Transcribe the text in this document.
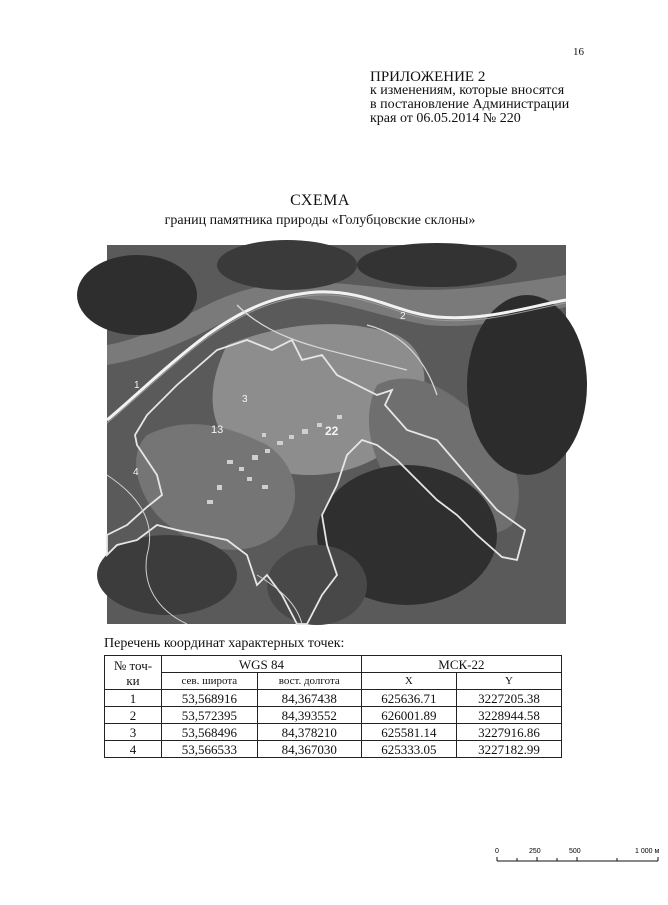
16
ПРИЛОЖЕНИЕ 2
к изменениям, которые вносятся
в постановление Администрации
края от 06.05.2014 № 220
СХЕМА
границ памятника природы «Голубцовские склоны»
1
2
3
4
13	22
0	250	500	1 000 м
Перечень координат характерных точек:
№ точ-ки	WGS 84		МСК-22	
	сев. широта	вост. долгота	X	Y
1	53,568916	84,367438	625636.71	3227205.38
2	53,572395	84,393552	626001.89	3228944.58
3	53,568496	84,378210	625581.14	3227916.86
4	53,566533	84,367030	625333.05	3227182.99
